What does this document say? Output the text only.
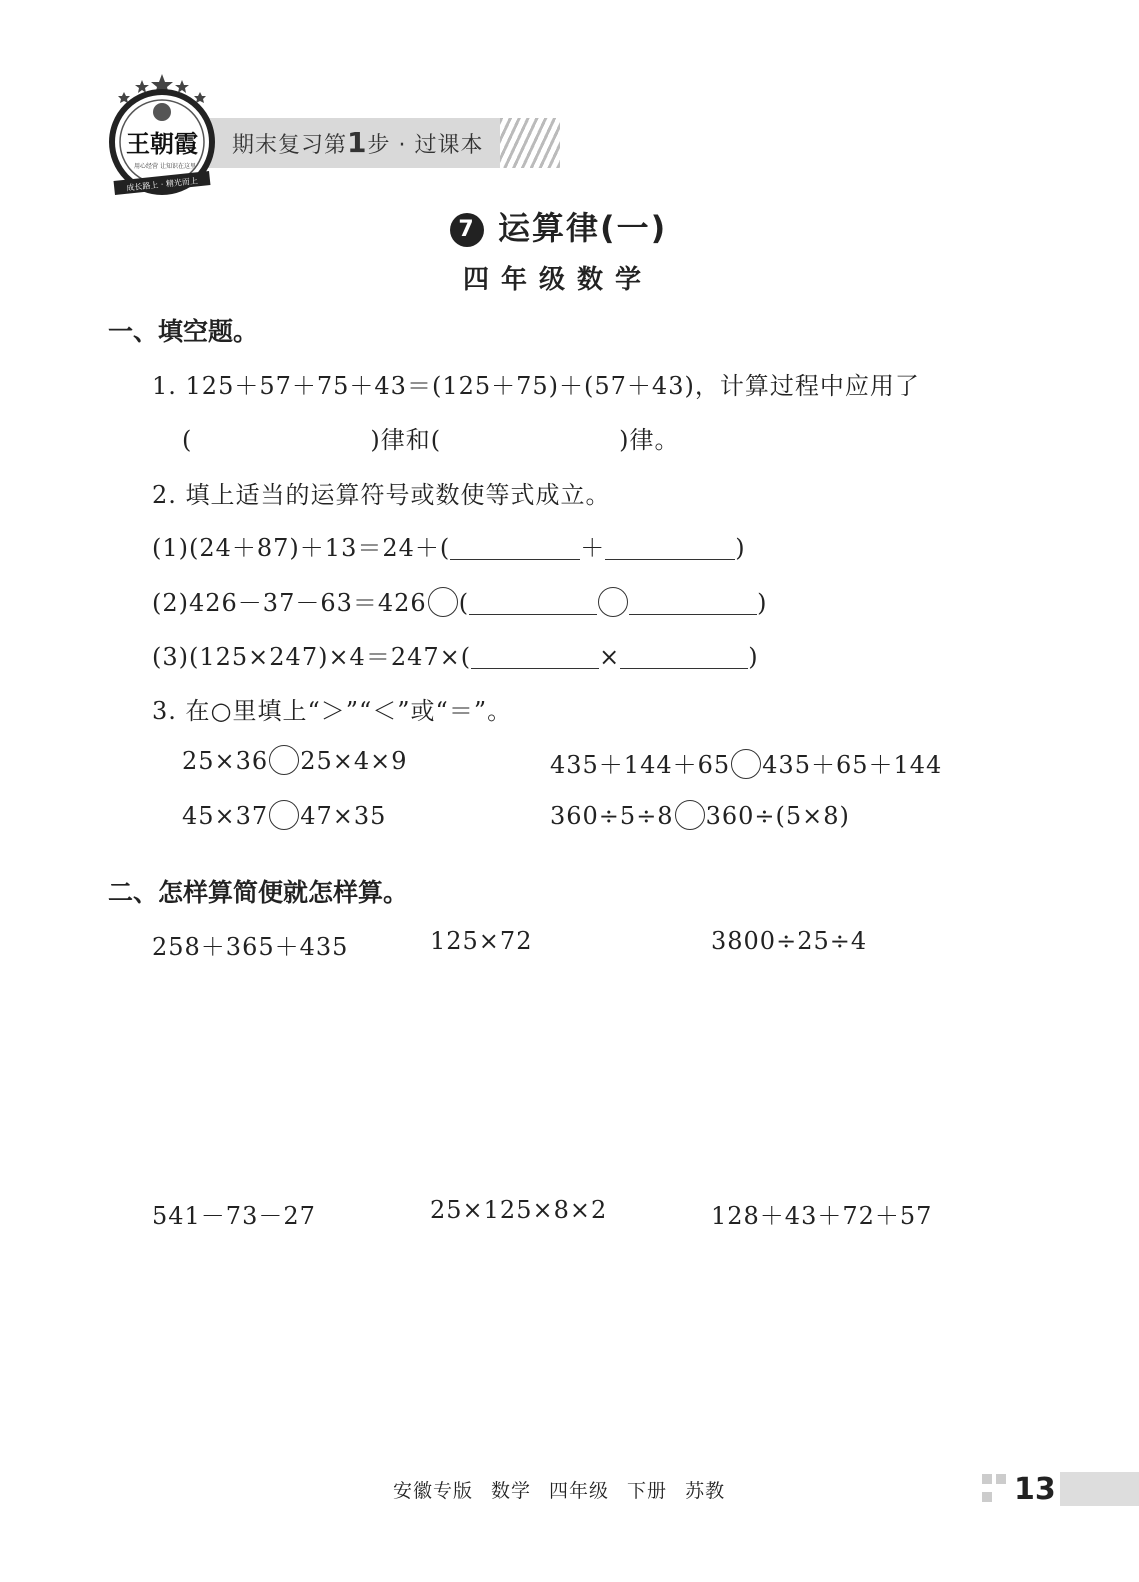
期末复习第1步 · 过课本
王朝霞
用心经营 让知识在这里
成长路上 · 精光而上
7 运算律(一)
四年级数学
一、填空题。
1. 125＋57＋75＋43＝(125＋75)＋(57＋43)，计算过程中应用了
(	)律和(	)律。
2. 填上适当的运算符号或数使等式成立。
(1)(24＋87)＋13＝24＋(	＋	)
(2)426－37－63＝426 (	)
(3)(125×247)×4＝247×(	×	)
3. 在○里填上“＞”“＜”或“＝”。
25×36 25×4×9	435＋144＋65 435＋65＋144
45×37 47×35	360÷5÷8 360÷(5×8)
二、怎样算简便就怎样算。
258＋365＋435	125×72	3800÷25÷4
541－73－27	25×125×8×2	128＋43＋72＋57
安徽专版 数学 四年级 下册 苏教	13
